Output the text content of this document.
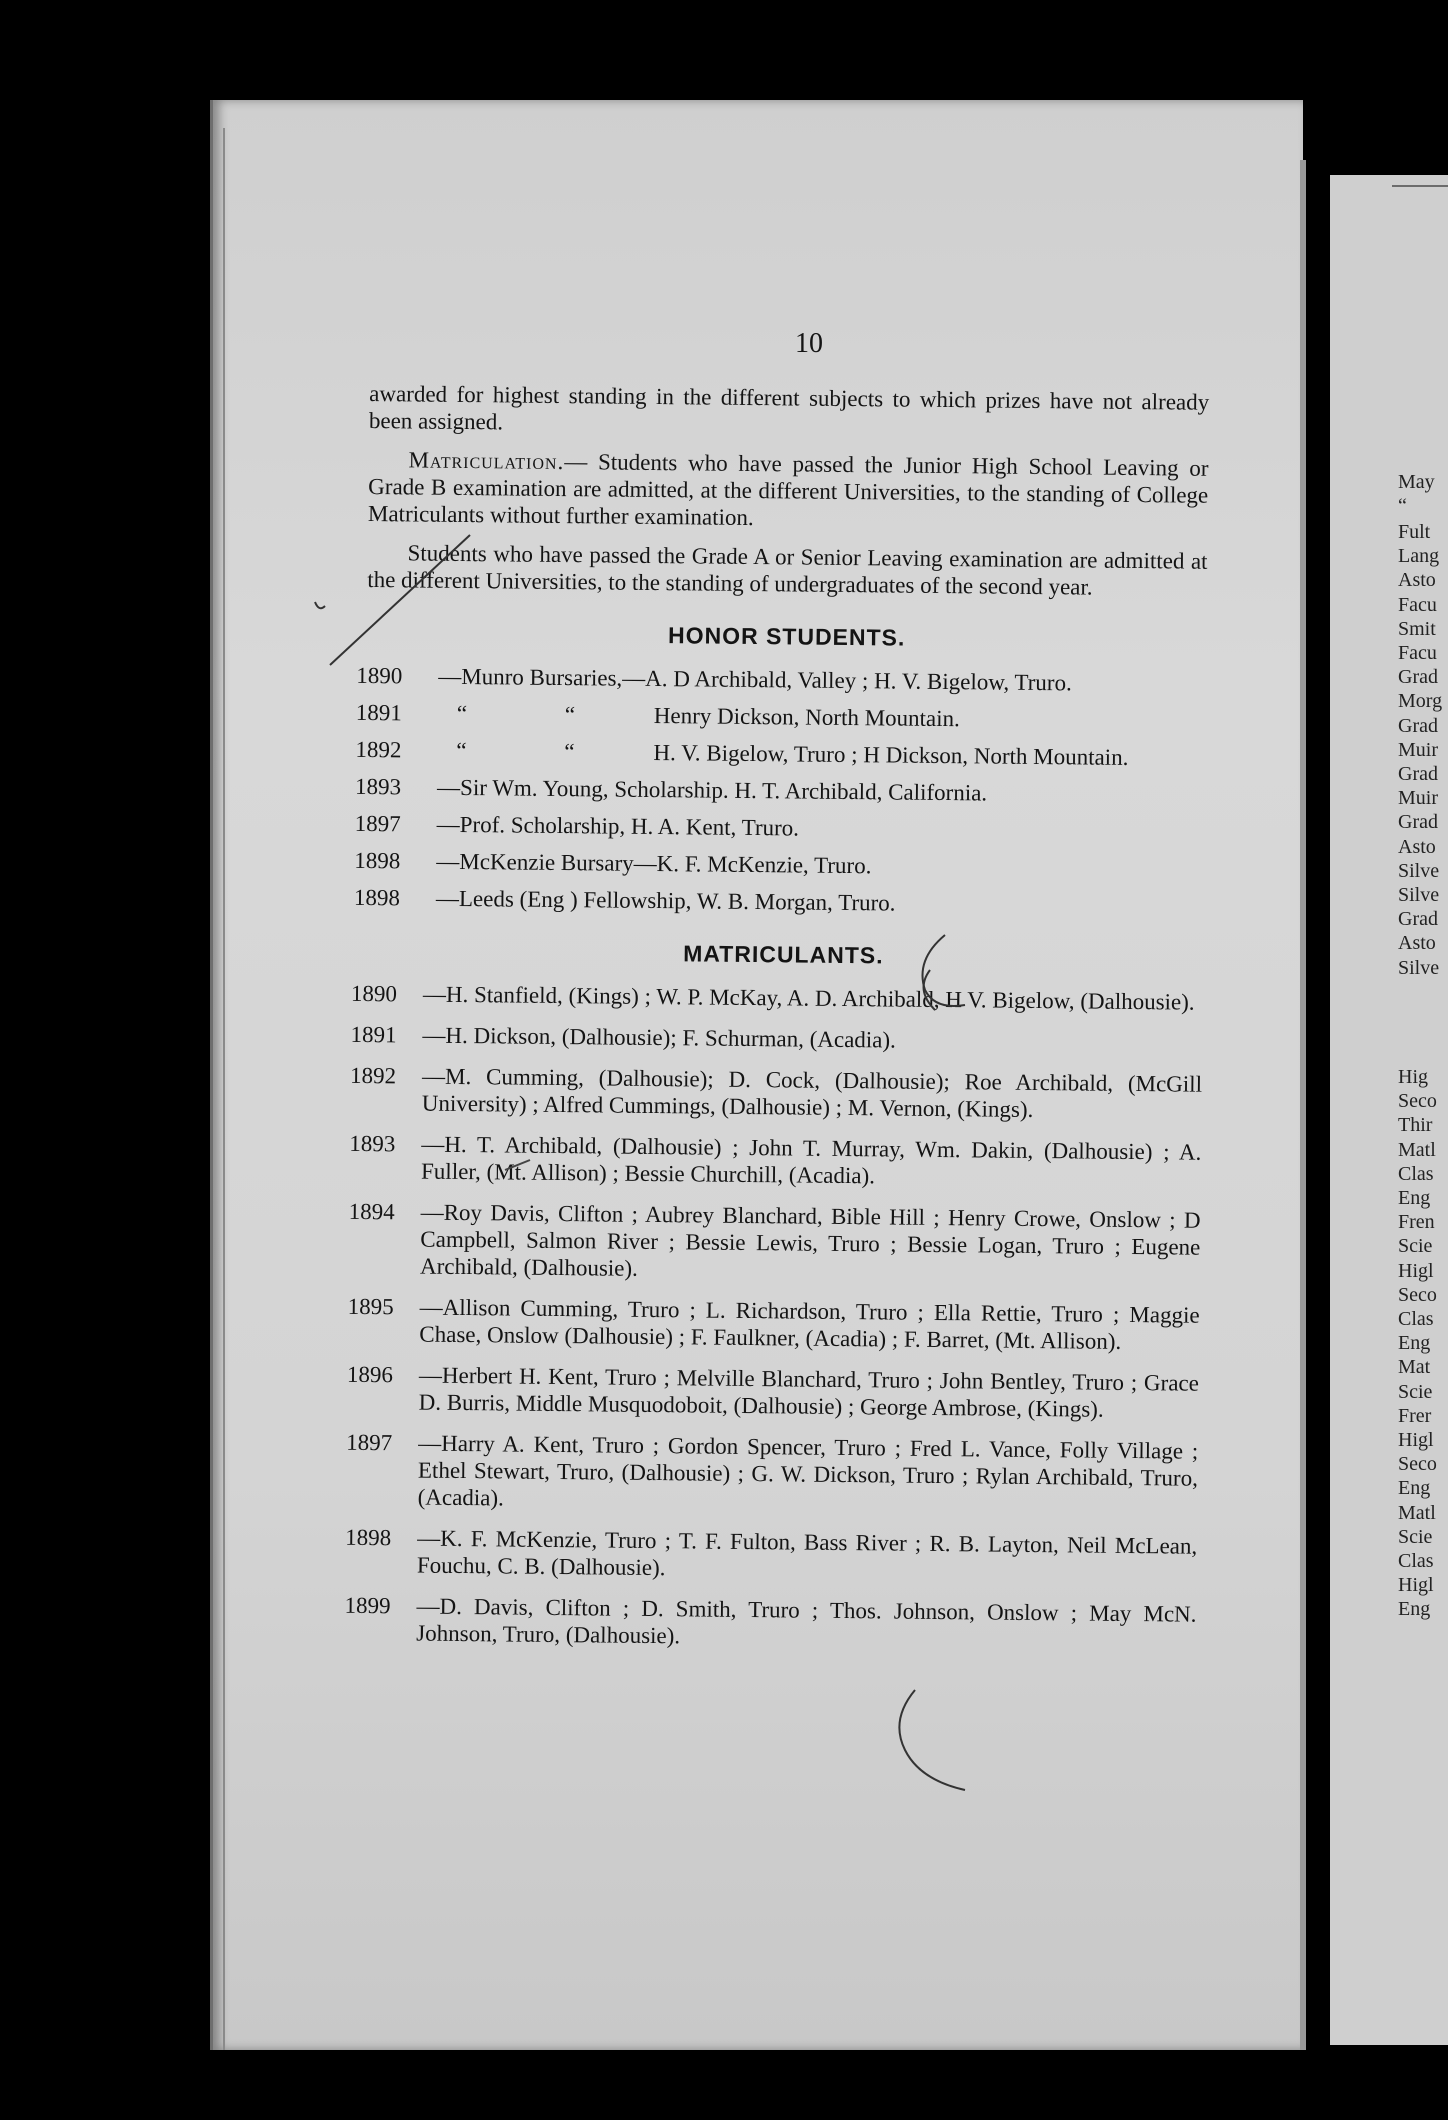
May
“
Fult
Lang
Asto
Facu
Smit
Facu
Grad
Morg
Grad
Muir
Grad
Muir
Grad
Asto
Silve
Silve
Grad
Asto
Silve
Hig
Seco
Thir
Matl
Clas
Eng
Fren
Scie
Higl
Seco
Clas
Eng
Mat
Scie
Frer
Higl
Seco
Eng
Matl
Scie
Clas
Higl
Eng
10

awarded for highest standing in the different subjects to which prizes have not already been assigned.

Matriculation.— Students who have passed the Junior High School Leaving or Grade B examination are admitted, at the different Universities, to the standing of College Matriculants without further examination.

Students who have passed the Grade A or Senior Leaving examination are admitted at the different Universities, to the standing of undergraduates of the second year.

HONOR STUDENTS.
1890	—Munro Bursaries,—A. D Archibald, Valley ; H. V. Bigelow, Truro.
1891	“	“	Henry Dickson, North Mountain.
1892	“	“	H. V. Bigelow, Truro ; H Dickson, North Mountain.
1893	—Sir Wm. Young, Scholarship. H. T. Archibald, California.
1897	—Prof. Scholarship, H. A. Kent, Truro.
1898	—McKenzie Bursary—K. F. McKenzie, Truro.
1898	—Leeds (Eng ) Fellowship, W. B. Morgan, Truro.
MATRICULANTS.
1890 —H. Stanfield, (Kings) ; W. P. McKay, A. D. Archibald, H V. Bigelow, (Dalhousie).
1891 —H. Dickson, (Dalhousie); F. Schurman, (Acadia).
1892 —M. Cumming, (Dalhousie); D. Cock, (Dalhousie); Roe Archibald, (McGill University) ; Alfred Cummings, (Dalhousie) ; M. Vernon, (Kings).
1893 —H. T. Archibald, (Dalhousie) ; John T. Murray, Wm. Dakin, (Dalhousie) ; A. Fuller, (Mt. Allison) ; Bessie Churchill, (Acadia).
1894 —Roy Davis, Clifton ; Aubrey Blanchard, Bible Hill ; Henry Crowe, Onslow ; D Campbell, Salmon River ; Bessie Lewis, Truro ; Bessie Logan, Truro ; Eugene Archibald, (Dalhousie).
1895 —Allison Cumming, Truro ; L. Richardson, Truro ; Ella Rettie, Truro ; Maggie Chase, Onslow (Dalhousie) ; F. Faulkner, (Acadia) ; F. Barret, (Mt. Allison).
1896 —Herbert H. Kent, Truro ; Melville Blanchard, Truro ; John Bentley, Truro ; Grace D. Burris, Middle Musquodoboit, (Dalhousie) ; George Ambrose, (Kings).
1897 —Harry A. Kent, Truro ; Gordon Spencer, Truro ; Fred L. Vance, Folly Village ; Ethel Stewart, Truro, (Dalhousie) ; G. W. Dickson, Truro ; Rylan Archibald, Truro, (Acadia).
1898 —K. F. McKenzie, Truro ; T. F. Fulton, Bass River ; R. B. Layton, Neil McLean, Fouchu, C. B. (Dalhousie).
1899 —D. Davis, Clifton ; D. Smith, Truro ; Thos. Johnson, Onslow ; May McN. Johnson, Truro, (Dalhousie).
